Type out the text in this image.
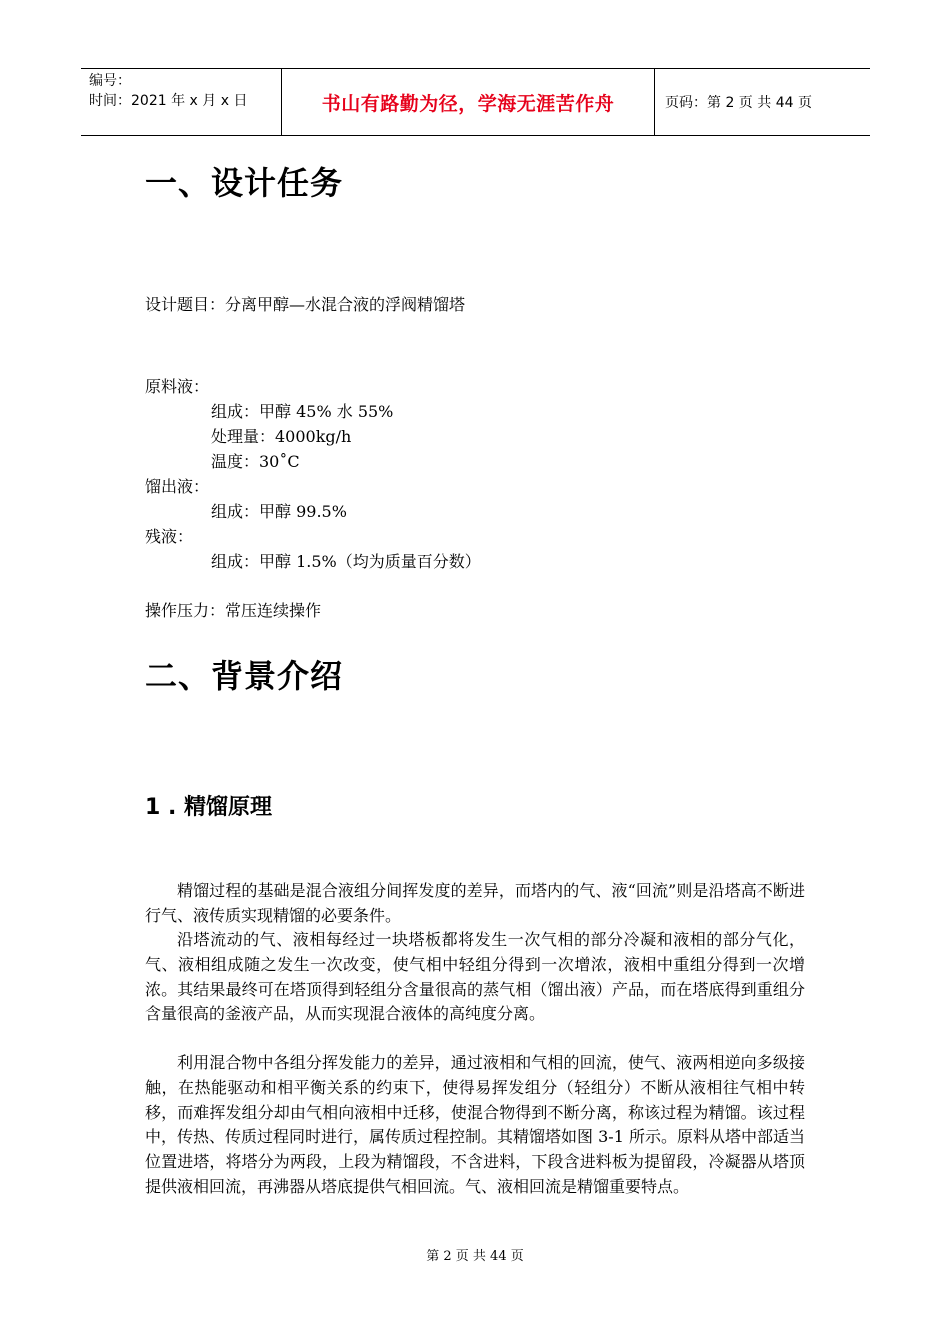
编号：
时间：2021 年 x 月 x 日	书山有路勤为径，学海无涯苦作舟	页码：第 2 页 共 44 页
一、设计任务
设计题目：分离甲醇—水混合液的浮阀精馏塔
原料液：
组成：甲醇 45% 水 55%
处理量：4000kg/h
温度：30˚C
馏出液：
组成：甲醇 99.5%
残液：
组成：甲醇 1.5%（均为质量百分数）
操作压力：常压连续操作
二、背景介绍
1 . 精馏原理
精馏过程的基础是混合液组分间挥发度的差异，而塔内的气、液“回流”则是沿塔高不断进行气、液传质实现精馏的必要条件。
沿塔流动的气、液相每经过一块塔板都将发生一次气相的部分冷凝和液相的部分气化，气、液相组成随之发生一次改变，使气相中轻组分得到一次增浓，液相中重组分得到一次增浓。其结果最终可在塔顶得到轻组分含量很高的蒸气相（馏出液）产品，而在塔底得到重组分含量很高的釜液产品，从而实现混合液体的高纯度分离。
利用混合物中各组分挥发能力的差异，通过液相和气相的回流，使气、液两相逆向多级接触，在热能驱动和相平衡关系的约束下，使得易挥发组分（轻组分）不断从液相往气相中转移，而难挥发组分却由气相向液相中迁移，使混合物得到不断分离，称该过程为精馏。该过程中，传热、传质过程同时进行，属传质过程控制。其精馏塔如图 3-1 所示。原料从塔中部适当位置进塔，将塔分为两段，上段为精馏段，不含进料，下段含进料板为提留段，冷凝器从塔顶提供液相回流，再沸器从塔底提供气相回流。气、液相回流是精馏重要特点。
第 2 页 共 44 页
